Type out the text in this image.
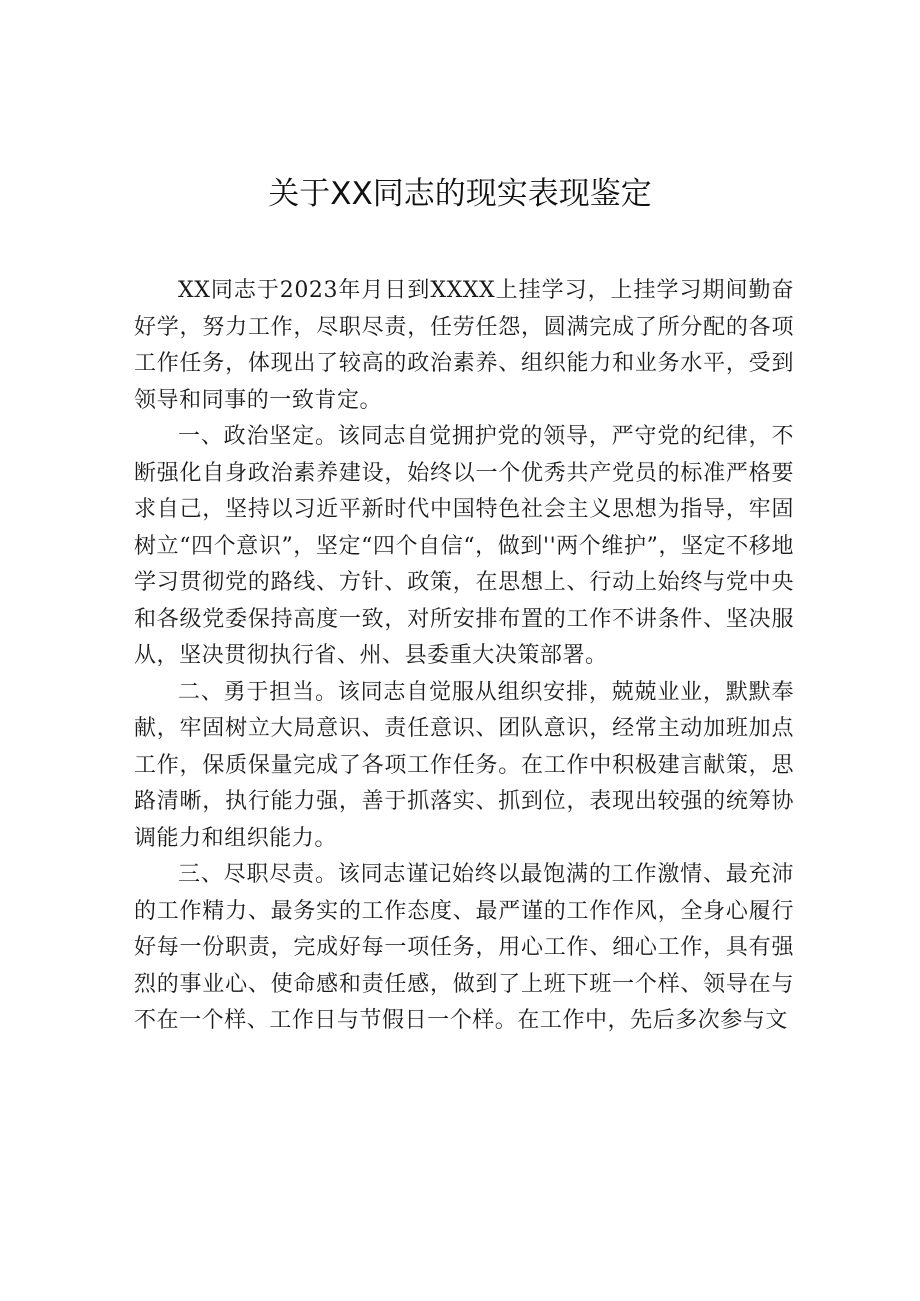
关于XX同志的现实表现鉴定

XX同志于2023年月日到XXXX上挂学习，上挂学习期间勤奋好学，努力工作，尽职尽责，任劳任怨，圆满完成了所分配的各项工作任务，体现出了较高的政治素养、组织能力和业务水平，受到领导和同事的一致肯定。

一、政治坚定。该同志自觉拥护党的领导，严守党的纪律，不断强化自身政治素养建设，始终以一个优秀共产党员的标准严格要求自己，坚持以习近平新时代中国特色社会主义思想为指导，牢固树立“四个意识”，坚定“四个自信“，做到''两个维护”，坚定不移地学习贯彻党的路线、方针、政策，在思想上、行动上始终与党中央和各级党委保持高度一致，对所安排布置的工作不讲条件、坚决服从，坚决贯彻执行省、州、县委重大决策部署。

二、勇于担当。该同志自觉服从组织安排，兢兢业业，默默奉献，牢固树立大局意识、责任意识、团队意识，经常主动加班加点工作，保质保量完成了各项工作任务。在工作中积极建言献策，思路清晰，执行能力强，善于抓落实、抓到位，表现出较强的统筹协调能力和组织能力。

三、尽职尽责。该同志谨记始终以最饱满的工作激情、最充沛的工作精力、最务实的工作态度、最严谨的工作作风，全身心履行好每一份职责，完成好每一项任务，用心工作、细心工作，具有强烈的事业心、使命感和责任感，做到了上班下班一个样、领导在与不在一个样、工作日与节假日一个样。在工作中，先后多次参与文
